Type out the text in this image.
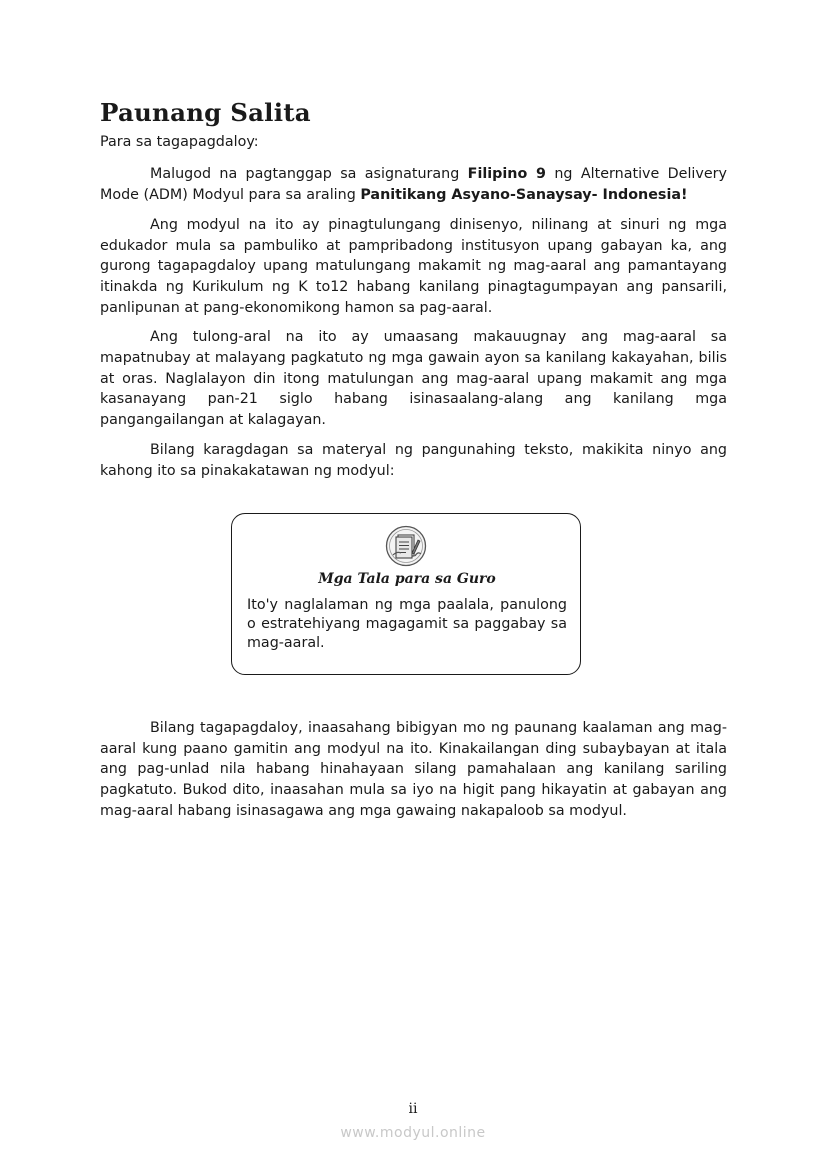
Paunang Salita

Para sa tagapagdaloy:

Malugod na pagtanggap sa asignaturang Filipino 9 ng Alternative Delivery Mode (ADM) Modyul para sa araling Panitikang Asyano-Sanaysay- Indonesia!

Ang modyul na ito ay pinagtulungang dinisenyo, nilinang at sinuri ng mga edukador mula sa pambuliko at pampribadong institusyon upang gabayan ka, ang gurong tagapagdaloy upang matulungang makamit ng mag-aaral ang pamantayang itinakda ng Kurikulum ng K to12 habang kanilang pinagtagumpayan ang pansarili, panlipunan at pang-ekonomikong hamon sa pag-aaral.

Ang tulong-aral na ito ay umaasang makauugnay ang mag-aaral sa mapatnubay at malayang pagkatuto ng mga gawain ayon sa kanilang kakayahan, bilis at oras. Naglalayon din itong matulungan ang mag-aaral upang makamit ang mga kasanayang pan-21 siglo habang isinasaalang-alang ang kanilang mga pangangailangan at kalagayan.

Bilang karagdagan sa materyal ng pangunahing teksto, makikita ninyo ang kahong ito sa pinakakatawan ng modyul:

Mga Tala para sa Guro
Ito'y naglalaman ng mga paalala, panulong o estratehiyang magagamit sa paggabay sa mag-aaral.

Bilang tagapagdaloy, inaasahang bibigyan mo ng paunang kaalaman ang mag-aaral kung paano gamitin ang modyul na ito. Kinakailangan ding subaybayan at itala ang pag-unlad nila habang hinahayaan silang pamahalaan ang kanilang sariling pagkatuto. Bukod dito, inaasahan mula sa iyo na higit pang hikayatin at gabayan ang mag-aaral habang isinasagawa ang mga gawaing nakapaloob sa modyul.

ii
www.modyul.online
